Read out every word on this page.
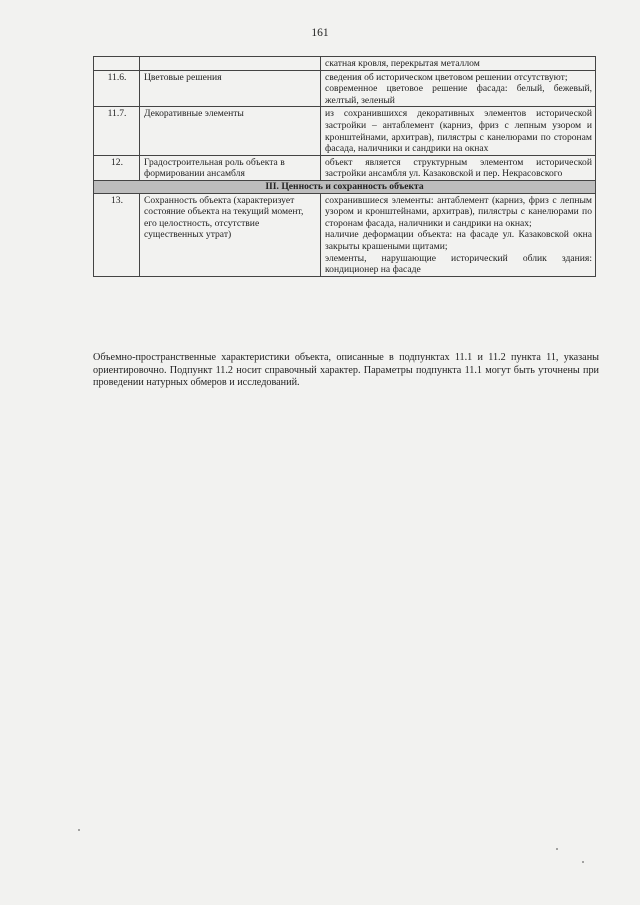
161

		скатная кровля, перекрытая металлом

11.6.	Цветовые решения	сведения об историческом цветовом решении отсутствуют;
современное цветовое решение фасада: белый, бежевый, желтый, зеленый

11.7.	Декоративные элементы	из сохранившихся декоративных элементов исторической застройки – антаблемент (карниз, фриз с лепным узором и кронштейнами, архитрав), пилястры с канелюрами по сторонам фасада, наличники и сандрики на окнах

12.	Градостроительная роль объекта в формировании ансамбля	объект является структурным элементом исторической застройки ансамбля ул. Казаковской и пер. Некрасовского

III. Ценность и сохранность объекта		
13.	Сохранность объекта (характеризует состояние объекта на текущий момент, его целостность, отсутствие существенных утрат)	сохранившиеся элементы: антаблемент (карниз, фриз с лепным узором и кронштейнами, архитрав), пилястры с канелюрами по сторонам фасада, наличники и сандрики на окнах;
наличие деформации объекта: на фасаде ул. Казаковской окна закрыты крашеными щитами;
элементы, нарушающие исторический облик здания: кондиционер на фасаде
Объемно-пространственные характеристики объекта, описанные в подпунктах 11.1 и 11.2 пункта 11, указаны ориентировочно. Подпункт 11.2 носит справочный характер. Параметры подпункта 11.1 могут быть уточнены при проведении натурных обмеров и исследований.
